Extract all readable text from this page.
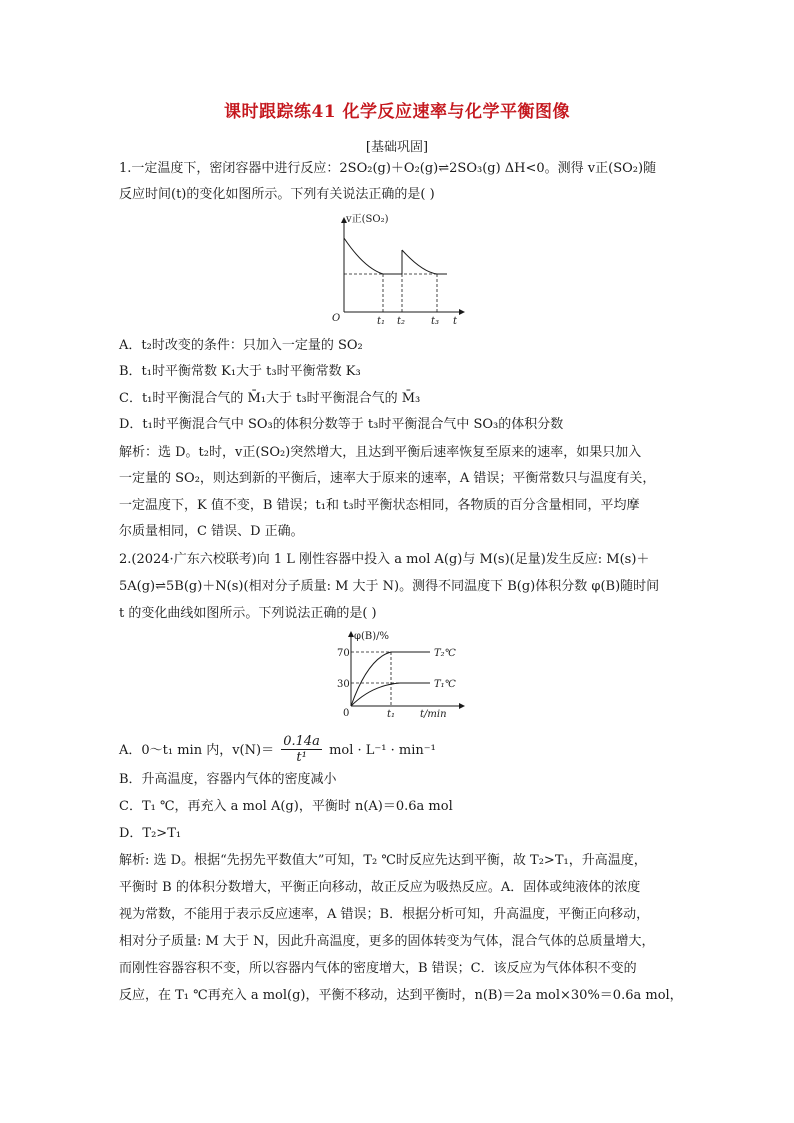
课时跟踪练41 化学反应速率与化学平衡图像
[基础巩固]
1.一定温度下，密闭容器中进行反应：2SO₂(g)＋O₂(g)⇌2SO₃(g) ΔH<0。测得 v正(SO₂)随
反应时间(t)的变化如图所示。下列有关说法正确的是( )
v正(SO₂)
O	t
t₁ t₂	t₃
A．t₂时改变的条件：只加入一定量的 SO₂
B．t₁时平衡常数 K₁大于 t₃时平衡常数 K₃
C．t₁时平衡混合气的 M̄₁大于 t₃时平衡混合气的 M̄₃
D．t₁时平衡混合气中 SO₃的体积分数等于 t₃时平衡混合气中 SO₃的体积分数
解析：选 D。t₂时，v正(SO₂)突然增大，且达到平衡后速率恢复至原来的速率，如果只加入
一定量的 SO₂，则达到新的平衡后，速率大于原来的速率，A 错误；平衡常数只与温度有关，
一定温度下，K 值不变，B 错误；t₁和 t₃时平衡状态相同，各物质的百分含量相同，平均摩
尔质量相同，C 错误、D 正确。
2.(2024·广东六校联考)向 1 L 刚性容器中投入 a mol A(g)与 M(s)(足量)发生反应: M(s)＋
5A(g)⇌5B(g)＋N(s)(相对分子质量: M 大于 N)。测得不同温度下 B(g)体积分数 φ(B)随时间
t 的变化曲线如图所示。下列说法正确的是( )
φ(B)/%
70
30
0
T₂℃
T₁℃
t₁ t/min
A．0～t₁ min 内，$v(N)= \frac{0.14a}{\text{t¹}}$ mol · L⁻¹ · min⁻¹
B．升高温度，容器内气体的密度减小
C．T₁ ℃，再充入 a mol A(g)，平衡时 n(A)＝0.6a mol
D．T₂>T₁
解析: 选 D。根据“先拐先平数值大”可知，T₂ ℃时反应先达到平衡，故 T₂>T₁，升高温度，
平衡时 B 的体积分数增大，平衡正向移动，故正反应为吸热反应。A．固体或纯液体的浓度
视为常数，不能用于表示反应速率，A 错误；B．根据分析可知，升高温度，平衡正向移动，
相对分子质量: M 大于 N，因此升高温度，更多的固体转变为气体，混合气体的总质量增大，
而刚性容器容积不变，所以容器内气体的密度增大，B 错误；C．该反应为气体体积不变的
反应，在 T₁ ℃再充入 a mol(g)，平衡不移动，达到平衡时，n(B)＝2a mol×30%＝0.6a mol，
